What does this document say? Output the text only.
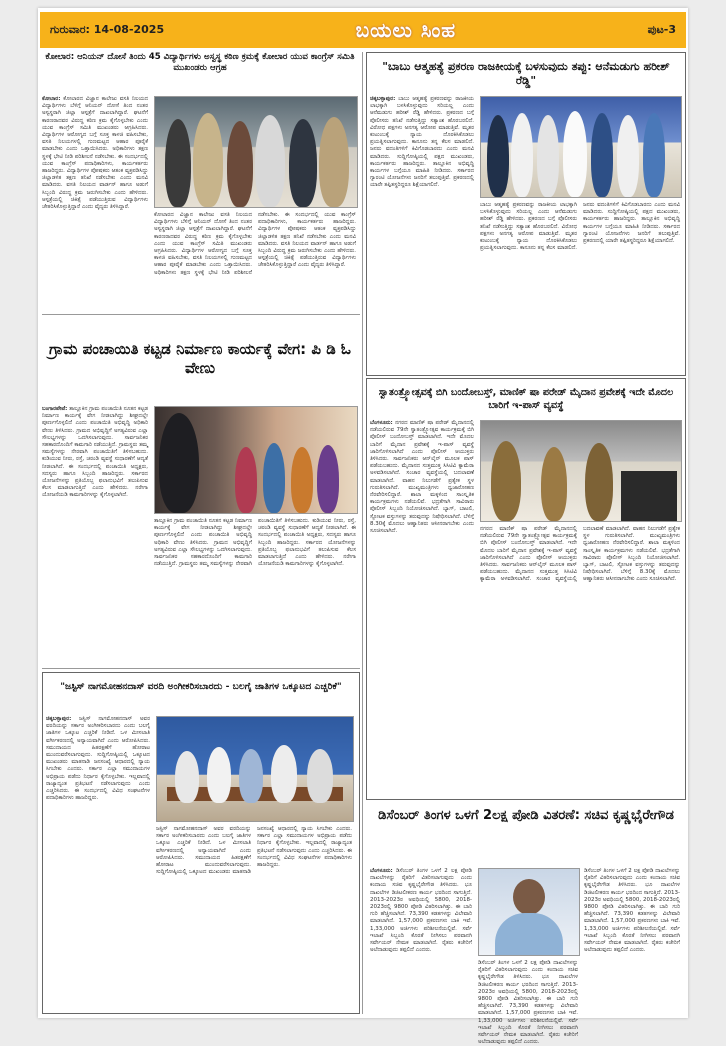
ಗುರುವಾರ: 14-08-2025	ಬಯಲು ಸಿಂಹ	ಪುಟ-3
ಕೋಲಾರ: ಆನಿಯನ್ ದೋಸೆ ತಿಂದು 45 ವಿದ್ಯಾರ್ಥಿಗಳು ಅಸ್ವಸ್ಥ ಕಠಿಣ ಕ್ರಮಕ್ಕೆ ಕೋಲಾರ ಯುವ ಕಾಂಗ್ರೆಸ್ ಸಮಿತಿ ಮುಖಂಡರು ಆಗ್ರಹ
ಕೋಲಾರ: ಕೋಲಾರದ ವಿಜ್ಞಾನ ಕಾಲೇಜು ವಸತಿ ನಿಲಯದ ವಿದ್ಯಾರ್ಥಿಗಳು ಬೆಳಿಗ್ಗೆ ಆನಿಯನ್ ದೋಸೆ ತಿಂದ ನಂತರ ಅಸ್ವಸ್ಥರಾಗಿ ಜಿಲ್ಲಾ ಆಸ್ಪತ್ರೆಗೆ ದಾಖಲಾಗಿದ್ದಾರೆ. ಘಟನೆಗೆ ಕಾರಣರಾದವರ ವಿರುದ್ಧ ಕಠಿಣ ಕ್ರಮ ಕೈಗೊಳ್ಳಬೇಕು ಎಂದು ಯುವ ಕಾಂಗ್ರೆಸ್ ಸಮಿತಿ ಮುಖಂಡರು ಆಗ್ರಹಿಸಿದರು. ವಿದ್ಯಾರ್ಥಿಗಳ ಆರೋಗ್ಯದ ಬಗ್ಗೆ ಸೂಕ್ತ ಕಾಳಜಿ ವಹಿಸಬೇಕು, ವಸತಿ ನಿಲಯಗಳಲ್ಲಿ ಗುಣಮಟ್ಟದ ಆಹಾರ ಪೂರೈಕೆ ಮಾಡಬೇಕು ಎಂದು ಒತ್ತಾಯಿಸಿದರು. ಅಧಿಕಾರಿಗಳು ತಕ್ಷಣ ಸ್ಥಳಕ್ಕೆ ಭೇಟಿ ನೀಡಿ ಪರಿಶೀಲನೆ ನಡೆಸಬೇಕು. ಈ ಸಂದರ್ಭದಲ್ಲಿ ಯುವ ಕಾಂಗ್ರೆಸ್ ಪದಾಧಿಕಾರಿಗಳು, ಕಾರ್ಯಕರ್ತರು ಹಾಜರಿದ್ದರು. ವಿದ್ಯಾರ್ಥಿಗಳ ಪೋಷಕರು ಆತಂಕ ವ್ಯಕ್ತಪಡಿಸಿದ್ದು ಜಿಲ್ಲಾಡಳಿತ ತಕ್ಷಣ ತನಿಖೆ ನಡೆಸಬೇಕು ಎಂದು ಮನವಿ ಮಾಡಿದರು. ವಸತಿ ನಿಲಯದ ವಾರ್ಡನ್ ಹಾಗೂ ಅಡುಗೆ ಸಿಬ್ಬಂದಿ ವಿರುದ್ಧ ಕ್ರಮ ಜರುಗಿಸಬೇಕು ಎಂದು ಹೇಳಿದರು. ಆಸ್ಪತ್ರೆಯಲ್ಲಿ ಚಿಕಿತ್ಸೆ ಪಡೆಯುತ್ತಿರುವ ವಿದ್ಯಾರ್ಥಿಗಳು ಚೇತರಿಸಿಕೊಳ್ಳುತ್ತಿದ್ದಾರೆ ಎಂದು ವೈದ್ಯರು ತಿಳಿಸಿದ್ದಾರೆ.
ಕೋಲಾರದ ವಿಜ್ಞಾನ ಕಾಲೇಜು ವಸತಿ ನಿಲಯದ ವಿದ್ಯಾರ್ಥಿಗಳು ಬೆಳಿಗ್ಗೆ ಆನಿಯನ್ ದೋಸೆ ತಿಂದ ನಂತರ ಅಸ್ವಸ್ಥರಾಗಿ ಜಿಲ್ಲಾ ಆಸ್ಪತ್ರೆಗೆ ದಾಖಲಾಗಿದ್ದಾರೆ. ಘಟನೆಗೆ ಕಾರಣರಾದವರ ವಿರುದ್ಧ ಕಠಿಣ ಕ್ರಮ ಕೈಗೊಳ್ಳಬೇಕು ಎಂದು ಯುವ ಕಾಂಗ್ರೆಸ್ ಸಮಿತಿ ಮುಖಂಡರು ಆಗ್ರಹಿಸಿದರು. ವಿದ್ಯಾರ್ಥಿಗಳ ಆರೋಗ್ಯದ ಬಗ್ಗೆ ಸೂಕ್ತ ಕಾಳಜಿ ವಹಿಸಬೇಕು, ವಸತಿ ನಿಲಯಗಳಲ್ಲಿ ಗುಣಮಟ್ಟದ ಆಹಾರ ಪೂರೈಕೆ ಮಾಡಬೇಕು ಎಂದು ಒತ್ತಾಯಿಸಿದರು. ಅಧಿಕಾರಿಗಳು ತಕ್ಷಣ ಸ್ಥಳಕ್ಕೆ ಭೇಟಿ ನೀಡಿ ಪರಿಶೀಲನೆ ನಡೆಸಬೇಕು. ಈ ಸಂದರ್ಭದಲ್ಲಿ ಯುವ ಕಾಂಗ್ರೆಸ್ ಪದಾಧಿಕಾರಿಗಳು, ಕಾರ್ಯಕರ್ತರು ಹಾಜರಿದ್ದರು. ವಿದ್ಯಾರ್ಥಿಗಳ ಪೋಷಕರು ಆತಂಕ ವ್ಯಕ್ತಪಡಿಸಿದ್ದು ಜಿಲ್ಲಾಡಳಿತ ತಕ್ಷಣ ತನಿಖೆ ನಡೆಸಬೇಕು ಎಂದು ಮನವಿ ಮಾಡಿದರು. ವಸತಿ ನಿಲಯದ ವಾರ್ಡನ್ ಹಾಗೂ ಅಡುಗೆ ಸಿಬ್ಬಂದಿ ವಿರುದ್ಧ ಕ್ರಮ ಜರುಗಿಸಬೇಕು ಎಂದು ಹೇಳಿದರು. ಆಸ್ಪತ್ರೆಯಲ್ಲಿ ಚಿಕಿತ್ಸೆ ಪಡೆಯುತ್ತಿರುವ ವಿದ್ಯಾರ್ಥಿಗಳು ಚೇತರಿಸಿಕೊಳ್ಳುತ್ತಿದ್ದಾರೆ ಎಂದು ವೈದ್ಯರು ತಿಳಿಸಿದ್ದಾರೆ.
ಗ್ರಾಮ ಪಂಚಾಯಿತಿ ಕಟ್ಟಡ ನಿರ್ಮಾಣ ಕಾರ್ಯಕ್ಕೆ ವೇಗ: ಪಿ ಡಿ ಓ ವೇಣು
ಬಂಗಾರಪೇಟೆ: ತಾಲ್ಲೂಕಿನ ಗ್ರಾಮ ಪಂಚಾಯಿತಿ ನೂತನ ಕಟ್ಟಡ ನಿರ್ಮಾಣ ಕಾರ್ಯಕ್ಕೆ ವೇಗ ನೀಡಲಾಗಿದ್ದು ಶೀಘ್ರದಲ್ಲೇ ಪೂರ್ಣಗೊಳ್ಳಲಿದೆ ಎಂದು ಪಂಚಾಯಿತಿ ಅಭಿವೃದ್ಧಿ ಅಧಿಕಾರಿ ವೇಣು ತಿಳಿಸಿದರು. ಗ್ರಾಮದ ಅಭಿವೃದ್ಧಿಗೆ ಅಗತ್ಯವಿರುವ ಎಲ್ಲಾ ಸೌಲಭ್ಯಗಳನ್ನು ಒದಗಿಸಲಾಗುವುದು. ಸಾರ್ವಜನಿಕರ ಸಹಕಾರದೊಂದಿಗೆ ಕಾಮಗಾರಿ ನಡೆಯುತ್ತಿದೆ. ಗ್ರಾಮಸ್ಥರು ತಮ್ಮ ಸಮಸ್ಯೆಗಳನ್ನು ನೇರವಾಗಿ ಪಂಚಾಯಿತಿಗೆ ತಿಳಿಸಬಹುದು. ಕುಡಿಯುವ ನೀರು, ರಸ್ತೆ, ಚರಂಡಿ ವ್ಯವಸ್ಥೆ ಸುಧಾರಣೆಗೆ ಆದ್ಯತೆ ನೀಡಲಾಗಿದೆ. ಈ ಸಂದರ್ಭದಲ್ಲಿ ಪಂಚಾಯಿತಿ ಅಧ್ಯಕ್ಷರು, ಸದಸ್ಯರು ಹಾಗೂ ಸಿಬ್ಬಂದಿ ಹಾಜರಿದ್ದರು. ಸರ್ಕಾರದ ಯೋಜನೆಗಳನ್ನು ಪ್ರತಿಯೊಬ್ಬ ಫಲಾನುಭವಿಗೆ ತಲುಪಿಸುವ ಕೆಲಸ ಮಾಡಲಾಗುತ್ತಿದೆ ಎಂದು ಹೇಳಿದರು. ನರೇಗಾ ಯೋಜನೆಯಡಿ ಕಾಮಗಾರಿಗಳನ್ನು ಕೈಗೊಳ್ಳಲಾಗಿದೆ.
ತಾಲ್ಲೂಕಿನ ಗ್ರಾಮ ಪಂಚಾಯಿತಿ ನೂತನ ಕಟ್ಟಡ ನಿರ್ಮಾಣ ಕಾರ್ಯಕ್ಕೆ ವೇಗ ನೀಡಲಾಗಿದ್ದು ಶೀಘ್ರದಲ್ಲೇ ಪೂರ್ಣಗೊಳ್ಳಲಿದೆ ಎಂದು ಪಂಚಾಯಿತಿ ಅಭಿವೃದ್ಧಿ ಅಧಿಕಾರಿ ವೇಣು ತಿಳಿಸಿದರು. ಗ್ರಾಮದ ಅಭಿವೃದ್ಧಿಗೆ ಅಗತ್ಯವಿರುವ ಎಲ್ಲಾ ಸೌಲಭ್ಯಗಳನ್ನು ಒದಗಿಸಲಾಗುವುದು. ಸಾರ್ವಜನಿಕರ ಸಹಕಾರದೊಂದಿಗೆ ಕಾಮಗಾರಿ ನಡೆಯುತ್ತಿದೆ. ಗ್ರಾಮಸ್ಥರು ತಮ್ಮ ಸಮಸ್ಯೆಗಳನ್ನು ನೇರವಾಗಿ ಪಂಚಾಯಿತಿಗೆ ತಿಳಿಸಬಹುದು. ಕುಡಿಯುವ ನೀರು, ರಸ್ತೆ, ಚರಂಡಿ ವ್ಯವಸ್ಥೆ ಸುಧಾರಣೆಗೆ ಆದ್ಯತೆ ನೀಡಲಾಗಿದೆ. ಈ ಸಂದರ್ಭದಲ್ಲಿ ಪಂಚಾಯಿತಿ ಅಧ್ಯಕ್ಷರು, ಸದಸ್ಯರು ಹಾಗೂ ಸಿಬ್ಬಂದಿ ಹಾಜರಿದ್ದರು. ಸರ್ಕಾರದ ಯೋಜನೆಗಳನ್ನು ಪ್ರತಿಯೊಬ್ಬ ಫಲಾನುಭವಿಗೆ ತಲುಪಿಸುವ ಕೆಲಸ ಮಾಡಲಾಗುತ್ತಿದೆ ಎಂದು ಹೇಳಿದರು. ನರೇಗಾ ಯೋಜನೆಯಡಿ ಕಾಮಗಾರಿಗಳನ್ನು ಕೈಗೊಳ್ಳಲಾಗಿದೆ.
"ಜಸ್ಟಿಸ್ ನಾಗಮೋಹನದಾಸ್ ವರದಿ ಅಂಗೀಕರಿಸಬಾರದು - ಬಲಗೈ ಜಾತಿಗಳ ಒಕ್ಕೂಟದ ಎಚ್ಚರಿಕೆ"
ಚಿಕ್ಕಬಳ್ಳಾಪುರ: ಜಸ್ಟಿಸ್ ನಾಗಮೋಹನದಾಸ್ ಅವರ ವರದಿಯನ್ನು ಸರ್ಕಾರ ಅಂಗೀಕರಿಸಬಾರದು ಎಂದು ಬಲಗೈ ಜಾತಿಗಳ ಒಕ್ಕೂಟ ಎಚ್ಚರಿಕೆ ನೀಡಿದೆ. ಒಳ ಮೀಸಲಾತಿ ವರ್ಗೀಕರಣದಲ್ಲಿ ಅನ್ಯಾಯವಾಗಿದೆ ಎಂದು ಆರೋಪಿಸಿದರು. ಸಮುದಾಯದ ಹಿತರಕ್ಷಣೆಗೆ ಹೋರಾಟ ಮುಂದುವರೆಸಲಾಗುವುದು. ಸುದ್ದಿಗೋಷ್ಠಿಯಲ್ಲಿ ಒಕ್ಕೂಟದ ಮುಖಂಡರು ಮಾತನಾಡಿ ಜನಸಂಖ್ಯೆ ಆಧಾರದಲ್ಲಿ ನ್ಯಾಯ ಸಿಗಬೇಕು ಎಂದರು. ಸರ್ಕಾರ ಎಲ್ಲಾ ಸಮುದಾಯಗಳ ಅಭಿಪ್ರಾಯ ಪಡೆದು ನಿರ್ಧಾರ ಕೈಗೊಳ್ಳಬೇಕು. ಇಲ್ಲವಾದಲ್ಲಿ ರಾಜ್ಯಾದ್ಯಂತ ಪ್ರತಿಭಟನೆ ನಡೆಸಲಾಗುವುದು ಎಂದು ಎಚ್ಚರಿಸಿದರು. ಈ ಸಂದರ್ಭದಲ್ಲಿ ವಿವಿಧ ಸಂಘಟನೆಗಳ ಪದಾಧಿಕಾರಿಗಳು ಹಾಜರಿದ್ದರು.
ಜಸ್ಟಿಸ್ ನಾಗಮೋಹನದಾಸ್ ಅವರ ವರದಿಯನ್ನು ಸರ್ಕಾರ ಅಂಗೀಕರಿಸಬಾರದು ಎಂದು ಬಲಗೈ ಜಾತಿಗಳ ಒಕ್ಕೂಟ ಎಚ್ಚರಿಕೆ ನೀಡಿದೆ. ಒಳ ಮೀಸಲಾತಿ ವರ್ಗೀಕರಣದಲ್ಲಿ ಅನ್ಯಾಯವಾಗಿದೆ ಎಂದು ಆರೋಪಿಸಿದರು. ಸಮುದಾಯದ ಹಿತರಕ್ಷಣೆಗೆ ಹೋರಾಟ ಮುಂದುವರೆಸಲಾಗುವುದು. ಸುದ್ದಿಗೋಷ್ಠಿಯಲ್ಲಿ ಒಕ್ಕೂಟದ ಮುಖಂಡರು ಮಾತನಾಡಿ ಜನಸಂಖ್ಯೆ ಆಧಾರದಲ್ಲಿ ನ್ಯಾಯ ಸಿಗಬೇಕು ಎಂದರು. ಸರ್ಕಾರ ಎಲ್ಲಾ ಸಮುದಾಯಗಳ ಅಭಿಪ್ರಾಯ ಪಡೆದು ನಿರ್ಧಾರ ಕೈಗೊಳ್ಳಬೇಕು. ಇಲ್ಲವಾದಲ್ಲಿ ರಾಜ್ಯಾದ್ಯಂತ ಪ್ರತಿಭಟನೆ ನಡೆಸಲಾಗುವುದು ಎಂದು ಎಚ್ಚರಿಸಿದರು. ಈ ಸಂದರ್ಭದಲ್ಲಿ ವಿವಿಧ ಸಂಘಟನೆಗಳ ಪದಾಧಿಕಾರಿಗಳು ಹಾಜರಿದ್ದರು.
"ಬಾಬು ಆತ್ಮಹತ್ಯೆ ಪ್ರಕರಣ ರಾಜಕೀಯಕ್ಕೆ ಬಳಸುವುದು ತಪ್ಪು: ಆನೆಮಡುಗು ಹರೀಶ್ ರೆಡ್ಡಿ"
ಚಿಕ್ಕಬಳ್ಳಾಪುರ: ಬಾಬು ಆತ್ಮಹತ್ಯೆ ಪ್ರಕರಣವನ್ನು ರಾಜಕೀಯ ಲಾಭಕ್ಕಾಗಿ ಬಳಸಿಕೊಳ್ಳುವುದು ಸರಿಯಲ್ಲ ಎಂದು ಆನೆಮಡುಗು ಹರೀಶ್ ರೆಡ್ಡಿ ಹೇಳಿದರು. ಪ್ರಕರಣದ ಬಗ್ಗೆ ಪೊಲೀಸರು ತನಿಖೆ ನಡೆಸುತ್ತಿದ್ದು ಸತ್ಯಾಂಶ ಹೊರಬರಲಿದೆ. ವಿರೋಧ ಪಕ್ಷಗಳು ಅನಗತ್ಯ ಆರೋಪ ಮಾಡುತ್ತಿವೆ. ಮೃತರ ಕುಟುಂಬಕ್ಕೆ ನ್ಯಾಯ ದೊರಕಿಸಿಕೊಡಲು ಪ್ರಯತ್ನಿಸಲಾಗುವುದು. ಕಾನೂನು ತನ್ನ ಕೆಲಸ ಮಾಡಲಿದೆ. ಜನರು ವದಂತಿಗಳಿಗೆ ಕಿವಿಗೊಡಬಾರದು ಎಂದು ಮನವಿ ಮಾಡಿದರು. ಸುದ್ದಿಗೋಷ್ಠಿಯಲ್ಲಿ ಪಕ್ಷದ ಮುಖಂಡರು, ಕಾರ್ಯಕರ್ತರು ಹಾಜರಿದ್ದರು. ತಾಲ್ಲೂಕಿನ ಅಭಿವೃದ್ಧಿ ಕಾರ್ಯಗಳ ಬಗ್ಗೆಯೂ ಮಾಹಿತಿ ನೀಡಿದರು. ಸರ್ಕಾರದ ಗ್ಯಾರಂಟಿ ಯೋಜನೆಗಳು ಜನರಿಗೆ ತಲುಪುತ್ತಿವೆ. ಪ್ರಕರಣದಲ್ಲಿ ಯಾರೇ ತಪ್ಪಿತಸ್ಥರಿದ್ದರೂ ಶಿಕ್ಷೆಯಾಗಲಿದೆ.
ಬಾಬು ಆತ್ಮಹತ್ಯೆ ಪ್ರಕರಣವನ್ನು ರಾಜಕೀಯ ಲಾಭಕ್ಕಾಗಿ ಬಳಸಿಕೊಳ್ಳುವುದು ಸರಿಯಲ್ಲ ಎಂದು ಆನೆಮಡುಗು ಹರೀಶ್ ರೆಡ್ಡಿ ಹೇಳಿದರು. ಪ್ರಕರಣದ ಬಗ್ಗೆ ಪೊಲೀಸರು ತನಿಖೆ ನಡೆಸುತ್ತಿದ್ದು ಸತ್ಯಾಂಶ ಹೊರಬರಲಿದೆ. ವಿರೋಧ ಪಕ್ಷಗಳು ಅನಗತ್ಯ ಆರೋಪ ಮಾಡುತ್ತಿವೆ. ಮೃತರ ಕುಟುಂಬಕ್ಕೆ ನ್ಯಾಯ ದೊರಕಿಸಿಕೊಡಲು ಪ್ರಯತ್ನಿಸಲಾಗುವುದು. ಕಾನೂನು ತನ್ನ ಕೆಲಸ ಮಾಡಲಿದೆ. ಜನರು ವದಂತಿಗಳಿಗೆ ಕಿವಿಗೊಡಬಾರದು ಎಂದು ಮನವಿ ಮಾಡಿದರು. ಸುದ್ದಿಗೋಷ್ಠಿಯಲ್ಲಿ ಪಕ್ಷದ ಮುಖಂಡರು, ಕಾರ್ಯಕರ್ತರು ಹಾಜರಿದ್ದರು. ತಾಲ್ಲೂಕಿನ ಅಭಿವೃದ್ಧಿ ಕಾರ್ಯಗಳ ಬಗ್ಗೆಯೂ ಮಾಹಿತಿ ನೀಡಿದರು. ಸರ್ಕಾರದ ಗ್ಯಾರಂಟಿ ಯೋಜನೆಗಳು ಜನರಿಗೆ ತಲುಪುತ್ತಿವೆ. ಪ್ರಕರಣದಲ್ಲಿ ಯಾರೇ ತಪ್ಪಿತಸ್ಥರಿದ್ದರೂ ಶಿಕ್ಷೆಯಾಗಲಿದೆ.
ಸ್ವಾತಂತ್ರ್ಯೋತ್ಸವಕ್ಕೆ ಬಿಗಿ ಬಂದೋಬಸ್ತ್, ಮಾಣಿಕ್ ಷಾ ಪರೇಡ್ ಮೈದಾನ ಪ್ರವೇಶಕ್ಕೆ ಇದೇ ಮೊದಲ ಬಾರಿಗೆ ಇ-ಪಾಸ್ ವ್ಯವಸ್ಥೆ
ಬೆಂಗಳೂರು: ನಗರದ ಮಾಣಿಕ್ ಷಾ ಪರೇಡ್ ಮೈದಾನದಲ್ಲಿ ನಡೆಯಲಿರುವ 79ನೇ ಸ್ವಾತಂತ್ರ್ಯೋತ್ಸವ ಕಾರ್ಯಕ್ರಮಕ್ಕೆ ಬಿಗಿ ಪೊಲೀಸ್ ಬಂದೋಬಸ್ತ್ ಮಾಡಲಾಗಿದೆ. ಇದೇ ಮೊದಲ ಬಾರಿಗೆ ಮೈದಾನ ಪ್ರವೇಶಕ್ಕೆ ಇ-ಪಾಸ್ ವ್ಯವಸ್ಥೆ ಜಾರಿಗೊಳಿಸಲಾಗಿದೆ ಎಂದು ಪೊಲೀಸ್ ಆಯುಕ್ತರು ತಿಳಿಸಿದರು. ಸಾರ್ವಜನಿಕರು ಆನ್‌ಲೈನ್ ಮೂಲಕ ಪಾಸ್ ಪಡೆಯಬಹುದು. ಮೈದಾನದ ಸುತ್ತಮುತ್ತ ಸಿಸಿಟಿವಿ ಕ್ಯಾಮೆರಾ ಅಳವಡಿಸಲಾಗಿದೆ. ಸಂಚಾರ ವ್ಯವಸ್ಥೆಯಲ್ಲಿ ಬದಲಾವಣೆ ಮಾಡಲಾಗಿದೆ. ವಾಹನ ನಿಲುಗಡೆಗೆ ಪ್ರತ್ಯೇಕ ಸ್ಥಳ ಗುರುತಿಸಲಾಗಿದೆ. ಮುಖ್ಯಮಂತ್ರಿಗಳು ಧ್ವಜಾರೋಹಣ ನೆರವೇರಿಸಲಿದ್ದಾರೆ. ಶಾಲಾ ಮಕ್ಕಳಿಂದ ಸಾಂಸ್ಕೃತಿಕ ಕಾರ್ಯಕ್ರಮಗಳು ನಡೆಯಲಿವೆ. ಭದ್ರತೆಗಾಗಿ ಸಾವಿರಾರು ಪೊಲೀಸ್ ಸಿಬ್ಬಂದಿ ನಿಯೋಜಿಸಲಾಗಿದೆ. ಬ್ಯಾಗ್, ಬಾಟಲಿ, ಸ್ಫೋಟಕ ವಸ್ತುಗಳನ್ನು ತರುವುದನ್ನು ನಿಷೇಧಿಸಲಾಗಿದೆ. ಬೆಳಿಗ್ಗೆ 8.30ಕ್ಕೆ ಮೊದಲು ಆಹ್ವಾನಿತರು ಆಸೀನರಾಗಬೇಕು ಎಂದು ಸೂಚಿಸಲಾಗಿದೆ.	ನಗರದ ಮಾಣಿಕ್ ಷಾ ಪರೇಡ್ ಮೈದಾನದಲ್ಲಿ ನಡೆಯಲಿರುವ 79ನೇ ಸ್ವಾತಂತ್ರ್ಯೋತ್ಸವ ಕಾರ್ಯಕ್ರಮಕ್ಕೆ ಬಿಗಿ ಪೊಲೀಸ್ ಬಂದೋಬಸ್ತ್ ಮಾಡಲಾಗಿದೆ. ಇದೇ ಮೊದಲ ಬಾರಿಗೆ ಮೈದಾನ ಪ್ರವೇಶಕ್ಕೆ ಇ-ಪಾಸ್ ವ್ಯವಸ್ಥೆ ಜಾರಿಗೊಳಿಸಲಾಗಿದೆ ಎಂದು ಪೊಲೀಸ್ ಆಯುಕ್ತರು ತಿಳಿಸಿದರು. ಸಾರ್ವಜನಿಕರು ಆನ್‌ಲೈನ್ ಮೂಲಕ ಪಾಸ್ ಪಡೆಯಬಹುದು. ಮೈದಾನದ ಸುತ್ತಮುತ್ತ ಸಿಸಿಟಿವಿ ಕ್ಯಾಮೆರಾ ಅಳವಡಿಸಲಾಗಿದೆ. ಸಂಚಾರ ವ್ಯವಸ್ಥೆಯಲ್ಲಿ ಬದಲಾವಣೆ ಮಾಡಲಾಗಿದೆ. ವಾಹನ ನಿಲುಗಡೆಗೆ ಪ್ರತ್ಯೇಕ ಸ್ಥಳ ಗುರುತಿಸಲಾಗಿದೆ. ಮುಖ್ಯಮಂತ್ರಿಗಳು ಧ್ವಜಾರೋಹಣ ನೆರವೇರಿಸಲಿದ್ದಾರೆ. ಶಾಲಾ ಮಕ್ಕಳಿಂದ ಸಾಂಸ್ಕೃತಿಕ ಕಾರ್ಯಕ್ರಮಗಳು ನಡೆಯಲಿವೆ. ಭದ್ರತೆಗಾಗಿ ಸಾವಿರಾರು ಪೊಲೀಸ್ ಸಿಬ್ಬಂದಿ ನಿಯೋಜಿಸಲಾಗಿದೆ. ಬ್ಯಾಗ್, ಬಾಟಲಿ, ಸ್ಫೋಟಕ ವಸ್ತುಗಳನ್ನು ತರುವುದನ್ನು ನಿಷೇಧಿಸಲಾಗಿದೆ. ಬೆಳಿಗ್ಗೆ 8.30ಕ್ಕೆ ಮೊದಲು ಆಹ್ವಾನಿತರು ಆಸೀನರಾಗಬೇಕು ಎಂದು ಸೂಚಿಸಲಾಗಿದೆ.
ಡಿಸೆಂಬರ್ ತಿಂಗಳ ಒಳಗೆ 2ಲಕ್ಷ ಪೋಡಿ ವಿತರಣೆ: ಸಚಿವ ಕೃಷ್ಣಭೈರೇಗೌಡ
ಬೆಂಗಳೂರು: ಡಿಸೆಂಬರ್ ತಿಂಗಳ ಒಳಗೆ 2 ಲಕ್ಷ ಪೋಡಿ ದಾಖಲೆಗಳನ್ನು ರೈತರಿಗೆ ವಿತರಿಸಲಾಗುವುದು ಎಂದು ಕಂದಾಯ ಸಚಿವ ಕೃಷ್ಣಭೈರೇಗೌಡ ತಿಳಿಸಿದರು. ಭೂ ದಾಖಲೆಗಳ ಡಿಜಿಟಲೀಕರಣ ಕಾರ್ಯ ಭರದಿಂದ ಸಾಗುತ್ತಿದೆ. 2013-2023ರ ಅವಧಿಯಲ್ಲಿ 5800, 2018-2023ರಲ್ಲಿ 9800 ಪೋಡಿ ವಿತರಿಸಲಾಗಿತ್ತು. ಈ ಬಾರಿ ಗುರಿ ಹೆಚ್ಚಿಸಲಾಗಿದೆ. 73,390 ಕಡತಗಳನ್ನು ವಿಲೇವಾರಿ ಮಾಡಲಾಗಿದೆ. 1,57,000 ಪ್ರಕರಣಗಳು ಬಾಕಿ ಇವೆ. 1,33,000 ಅರ್ಜಿಗಳು ಪರಿಶೀಲನೆಯಲ್ಲಿವೆ. ಸರ್ವೆ ಇಲಾಖೆ ಸಿಬ್ಬಂದಿ ಕೊರತೆ ನೀಗಿಸಲು ಪರವಾನಗಿ ಸರ್ವೇಯರ್ ನೇಮಕ ಮಾಡಲಾಗಿದೆ. ರೈತರು ಕಚೇರಿಗೆ ಅಲೆದಾಡುವುದು ತಪ್ಪಲಿದೆ ಎಂದರು.
ಡಿಸೆಂಬರ್ ತಿಂಗಳ ಒಳಗೆ 2 ಲಕ್ಷ ಪೋಡಿ ದಾಖಲೆಗಳನ್ನು ರೈತರಿಗೆ ವಿತರಿಸಲಾಗುವುದು ಎಂದು ಕಂದಾಯ ಸಚಿವ ಕೃಷ್ಣಭೈರೇಗೌಡ ತಿಳಿಸಿದರು. ಭೂ ದಾಖಲೆಗಳ ಡಿಜಿಟಲೀಕರಣ ಕಾರ್ಯ ಭರದಿಂದ ಸಾಗುತ್ತಿದೆ. 2013-2023ರ ಅವಧಿಯಲ್ಲಿ 5800, 2018-2023ರಲ್ಲಿ 9800 ಪೋಡಿ ವಿತರಿಸಲಾಗಿತ್ತು. ಈ ಬಾರಿ ಗುರಿ ಹೆಚ್ಚಿಸಲಾಗಿದೆ. 73,390 ಕಡತಗಳನ್ನು ವಿಲೇವಾರಿ ಮಾಡಲಾಗಿದೆ. 1,57,000 ಪ್ರಕರಣಗಳು ಬಾಕಿ ಇವೆ. 1,33,000 ಅರ್ಜಿಗಳು ಪರಿಶೀಲನೆಯಲ್ಲಿವೆ. ಸರ್ವೆ ಇಲಾಖೆ ಸಿಬ್ಬಂದಿ ಕೊರತೆ ನೀಗಿಸಲು ಪರವಾನಗಿ ಸರ್ವೇಯರ್ ನೇಮಕ ಮಾಡಲಾಗಿದೆ. ರೈತರು ಕಚೇರಿಗೆ ಅಲೆದಾಡುವುದು ತಪ್ಪಲಿದೆ ಎಂದರು.
ಡಿಸೆಂಬರ್ ತಿಂಗಳ ಒಳಗೆ 2 ಲಕ್ಷ ಪೋಡಿ ದಾಖಲೆಗಳನ್ನು ರೈತರಿಗೆ ವಿತರಿಸಲಾಗುವುದು ಎಂದು ಕಂದಾಯ ಸಚಿವ ಕೃಷ್ಣಭೈರೇಗೌಡ ತಿಳಿಸಿದರು. ಭೂ ದಾಖಲೆಗಳ ಡಿಜಿಟಲೀಕರಣ ಕಾರ್ಯ ಭರದಿಂದ ಸಾಗುತ್ತಿದೆ. 2013-2023ರ ಅವಧಿಯಲ್ಲಿ 5800, 2018-2023ರಲ್ಲಿ 9800 ಪೋಡಿ ವಿತರಿಸಲಾಗಿತ್ತು. ಈ ಬಾರಿ ಗುರಿ ಹೆಚ್ಚಿಸಲಾಗಿದೆ. 73,390 ಕಡತಗಳನ್ನು ವಿಲೇವಾರಿ ಮಾಡಲಾಗಿದೆ. 1,57,000 ಪ್ರಕರಣಗಳು ಬಾಕಿ ಇವೆ. 1,33,000 ಅರ್ಜಿಗಳು ಪರಿಶೀಲನೆಯಲ್ಲಿವೆ. ಸರ್ವೆ ಇಲಾಖೆ ಸಿಬ್ಬಂದಿ ಕೊರತೆ ನೀಗಿಸಲು ಪರವಾನಗಿ ಸರ್ವೇಯರ್ ನೇಮಕ ಮಾಡಲಾಗಿದೆ. ರೈತರು ಕಚೇರಿಗೆ ಅಲೆದಾಡುವುದು ತಪ್ಪಲಿದೆ ಎಂದರು.
